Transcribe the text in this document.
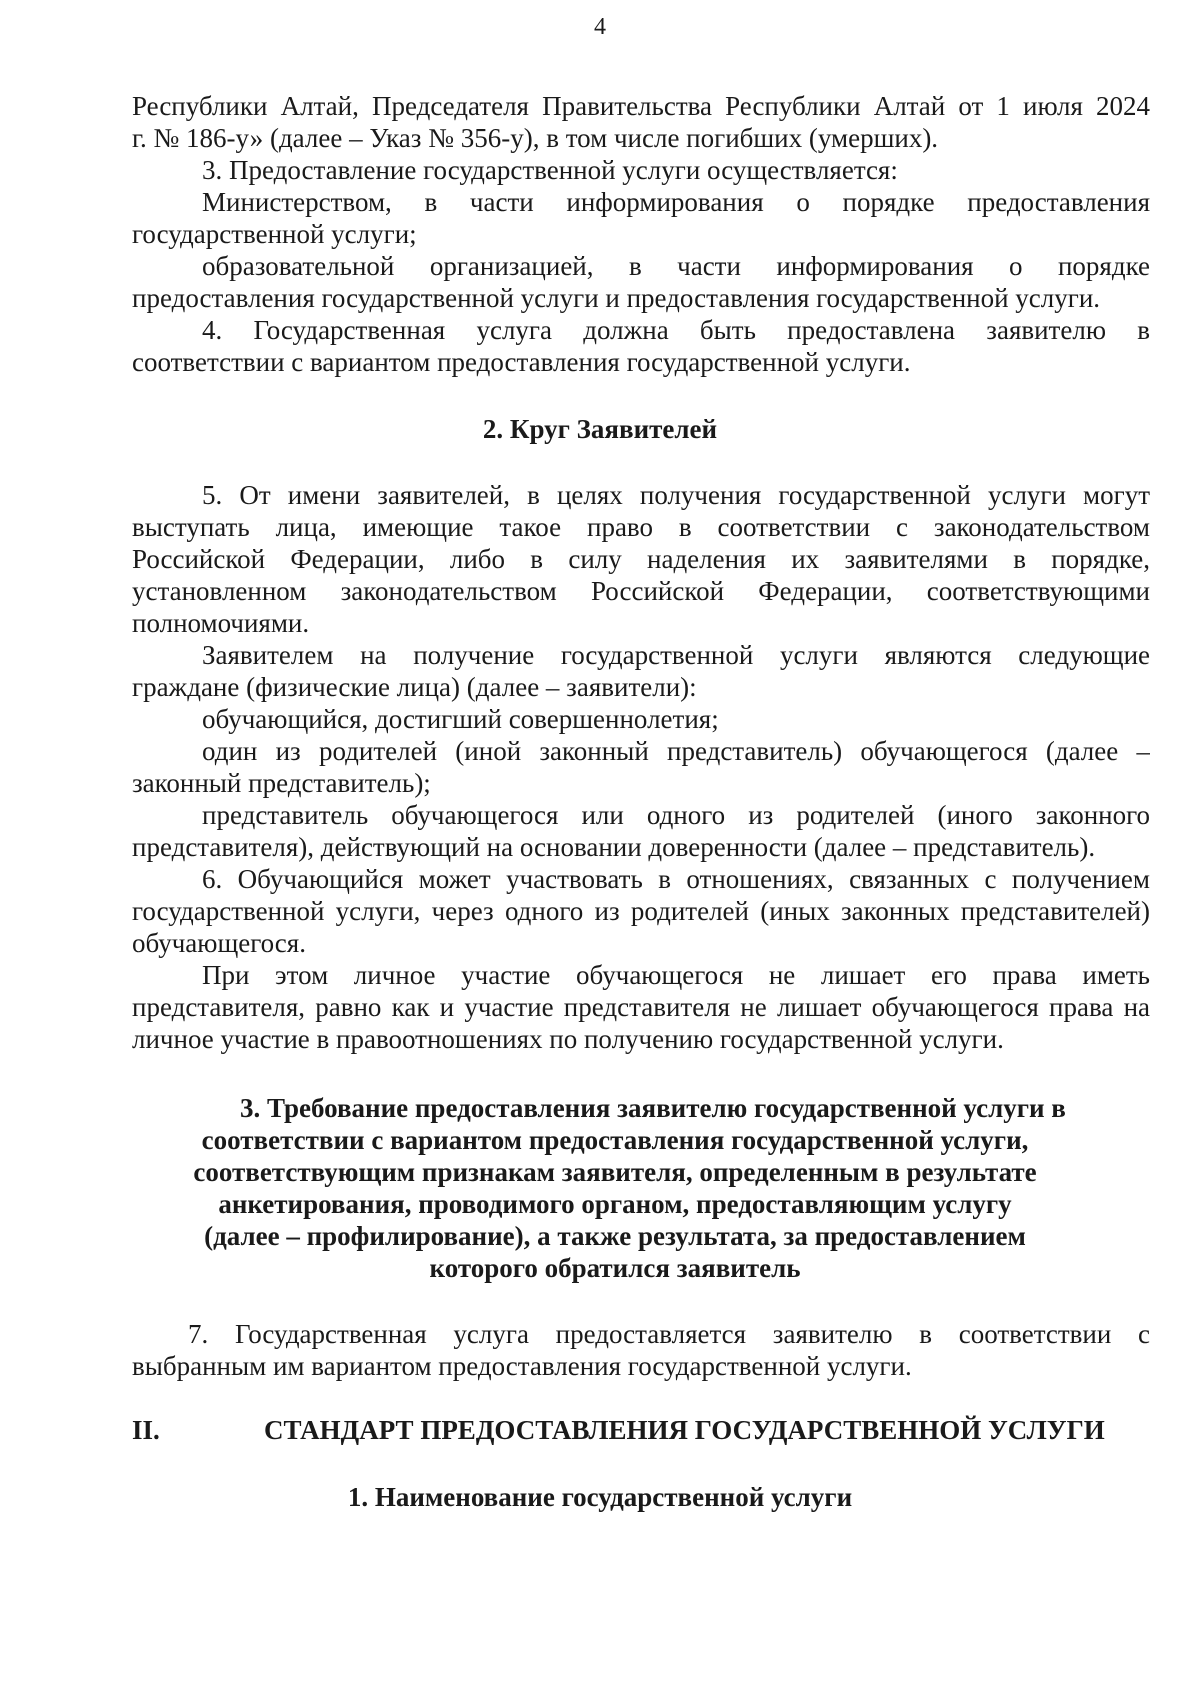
4
Республики Алтай, Председателя Правительства Республики Алтай от 1 июля 2024
г. № 186-у» (далее – Указ № 356-у), в том числе погибших (умерших).
3. Предоставление государственной услуги осуществляется:
Министерством, в части информирования о порядке предоставления
государственной услуги;
образовательной организацией, в части информирования о порядке
предоставления государственной услуги и предоставления государственной услуги.
4. Государственная услуга должна быть предоставлена заявителю в
соответствии с вариантом предоставления государственной услуги.
2. Круг Заявителей
5. От имени заявителей, в целях получения государственной услуги могут
выступать лица, имеющие такое право в соответствии с законодательством
Российской Федерации, либо в силу наделения их заявителями в порядке,
установленном законодательством Российской Федерации, соответствующими
полномочиями.
Заявителем на получение государственной услуги являются следующие
граждане (физические лица) (далее – заявители):
обучающийся, достигший совершеннолетия;
один из родителей (иной законный представитель) обучающегося (далее –
законный представитель);
представитель обучающегося или одного из родителей (иного законного
представителя), действующий на основании доверенности (далее – представитель).
6. Обучающийся может участвовать в отношениях, связанных с получением
государственной услуги, через одного из родителей (иных законных представителей)
обучающегося.
При этом личное участие обучающегося не лишает его права иметь
представителя, равно как и участие представителя не лишает обучающегося права на
личное участие в правоотношениях по получению государственной услуги.
3. Требование предоставления заявителю государственной услуги в
соответствии с вариантом предоставления государственной услуги,
соответствующим признакам заявителя, определенным в результате
анкетирования, проводимого органом, предоставляющим услугу
(далее – профилирование), а также результата, за предоставлением
которого обратился заявитель
7. Государственная услуга предоставляется заявителю в соответствии с
выбранным им вариантом предоставления государственной услуги.
II.	СТАНДАРТ ПРЕДОСТАВЛЕНИЯ ГОСУДАРСТВЕННОЙ УСЛУГИ
1. Наименование государственной услуги
